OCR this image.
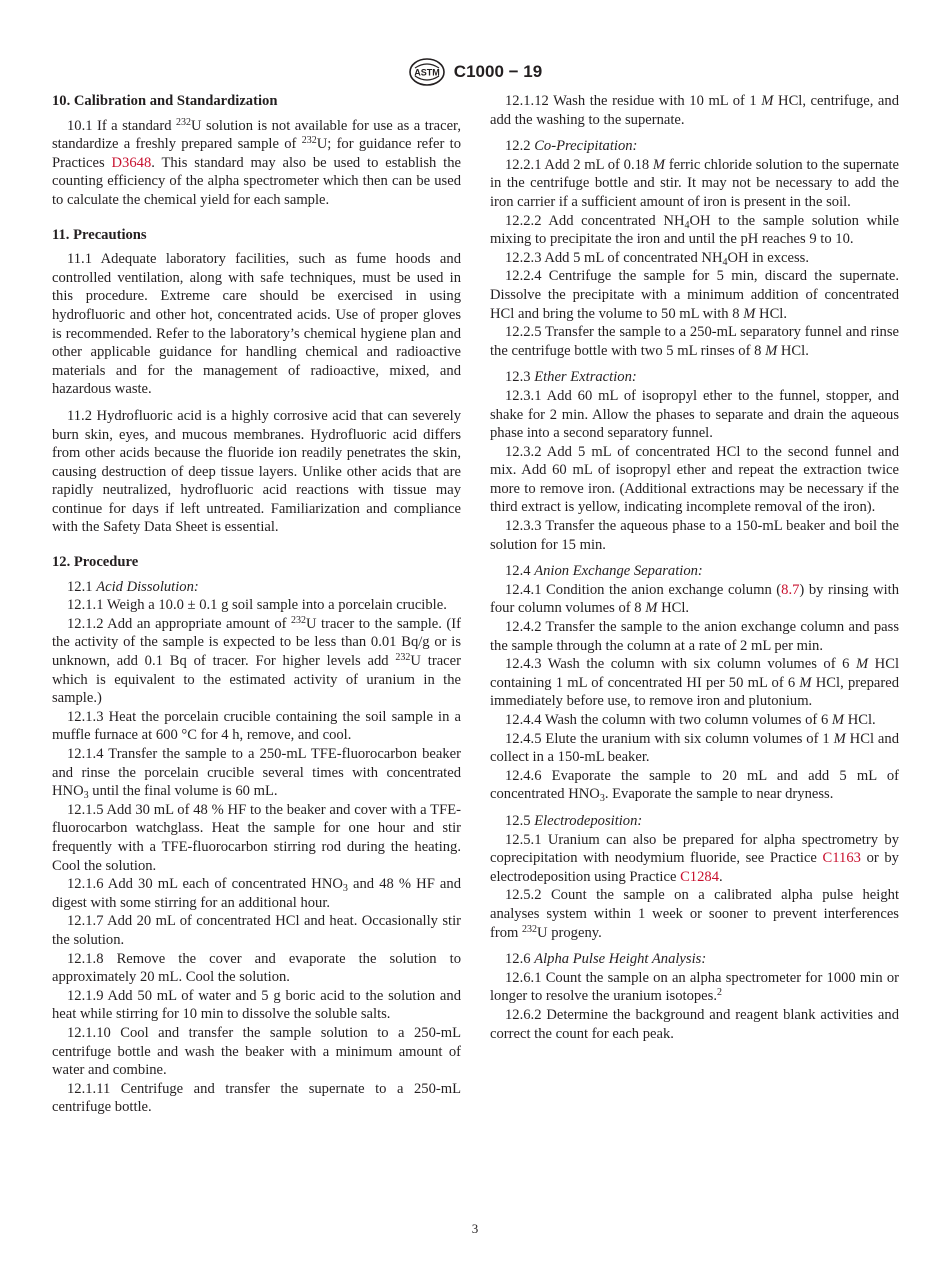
ASTM C1000 − 19
10. Calibration and Standardization

10.1 If a standard $^{232}$U solution is not available for use as a tracer, standardize a freshly prepared sample of $^{232}$U; for guidance refer to Practices D3648. This standard may also be used to establish the counting efficiency of the alpha spectrometer which then can be used to calculate the chemical yield for each sample.

11. Precautions

11.1 Adequate laboratory facilities, such as fume hoods and controlled ventilation, along with safe techniques, must be used in this procedure. Extreme care should be exercised in using hydrofluoric and other hot, concentrated acids. Use of proper gloves is recommended. Refer to the laboratory’s chemical hygiene plan and other applicable guidance for handling chemical and radioactive materials and for the management of radioactive, mixed, and hazardous waste.

11.2 Hydrofluoric acid is a highly corrosive acid that can severely burn skin, eyes, and mucous membranes. Hydrofluoric acid differs from other acids because the fluoride ion readily penetrates the skin, causing destruction of deep tissue layers. Unlike other acids that are rapidly neutralized, hydrofluoric acid reactions with tissue may continue for days if left untreated. Familiarization and compliance with the Safety Data Sheet is essential.

12. Procedure

12.1 Acid Dissolution:

12.1.1 Weigh a 10.0 ± 0.1 g soil sample into a porcelain crucible.

12.1.2 Add an appropriate amount of $^{232}$U tracer to the sample. (If the activity of the sample is expected to be less than 0.01 Bq/g or is unknown, add 0.1 Bq of tracer. For higher levels add $^{232}$U tracer which is equivalent to the estimated activity of uranium in the sample.)

12.1.3 Heat the porcelain crucible containing the soil sample in a muffle furnace at 600 °C for 4 h, remove, and cool.

12.1.4 Transfer the sample to a 250-mL TFE-fluorocarbon beaker and rinse the porcelain crucible several times with concentrated $HNO_3$ until the final volume is 60 mL.

12.1.5 Add 30 mL of 48 % HF to the beaker and cover with a TFE-fluorocarbon watchglass. Heat the sample for one hour and stir frequently with a TFE-fluorocarbon stirring rod during the heating. Cool the solution.

12.1.6 Add 30 mL each of concentrated $HNO_3$ and 48 % HF and digest with some stirring for an additional hour.

12.1.7 Add 20 mL of concentrated HCl and heat. Occasionally stir the solution.

12.1.8 Remove the cover and evaporate the solution to approximately 20 mL. Cool the solution.

12.1.9 Add 50 mL of water and 5 g boric acid to the solution and heat while stirring for 10 min to dissolve the soluble salts.

12.1.10 Cool and transfer the sample solution to a 250-mL centrifuge bottle and wash the beaker with a minimum amount of water and combine.

12.1.11 Centrifuge and transfer the supernate to a 250-mL centrifuge bottle.

12.1.12 Wash the residue with 10 mL of 1 M HCl, centrifuge, and add the washing to the supernate.

12.2 Co-Precipitation:

12.2.1 Add 2 mL of 0.18 M ferric chloride solution to the supernate in the centrifuge bottle and stir. It may not be necessary to add the iron carrier if a sufficient amount of iron is present in the soil.

12.2.2 Add concentrated $NH_4OH$ to the sample solution while mixing to precipitate the iron and until the pH reaches 9 to 10.

12.2.3 Add 5 mL of concentrated $NH_4OH$ in excess.

12.2.4 Centrifuge the sample for 5 min, discard the supernate. Dissolve the precipitate with a minimum addition of concentrated HCl and bring the volume to 50 mL with 8 M HCl.

12.2.5 Transfer the sample to a 250-mL separatory funnel and rinse the centrifuge bottle with two 5 mL rinses of 8 M HCl.

12.3 Ether Extraction:

12.3.1 Add 60 mL of isopropyl ether to the funnel, stopper, and shake for 2 min. Allow the phases to separate and drain the aqueous phase into a second separatory funnel.

12.3.2 Add 5 mL of concentrated HCl to the second funnel and mix. Add 60 mL of isopropyl ether and repeat the extraction twice more to remove iron. (Additional extractions may be necessary if the third extract is yellow, indicating incomplete removal of the iron).

12.3.3 Transfer the aqueous phase to a 150-mL beaker and boil the solution for 15 min.

12.4 Anion Exchange Separation:

12.4.1 Condition the anion exchange column (8.7) by rinsing with four column volumes of 8 M HCl.

12.4.2 Transfer the sample to the anion exchange column and pass the sample through the column at a rate of 2 mL per min.

12.4.3 Wash the column with six column volumes of 6 M HCl containing 1 mL of concentrated HI per 50 mL of 6 M HCl, prepared immediately before use, to remove iron and plutonium.

12.4.4 Wash the column with two column volumes of 6 M HCl.

12.4.5 Elute the uranium with six column volumes of 1 M HCl and collect in a 150-mL beaker.

12.4.6 Evaporate the sample to 20 mL and add 5 mL of concentrated $HNO_3$. Evaporate the sample to near dryness.

12.5 Electrodeposition:

12.5.1 Uranium can also be prepared for alpha spectrometry by coprecipitation with neodymium fluoride, see Practice C1163 or by electrodeposition using Practice C1284.

12.5.2 Count the sample on a calibrated alpha pulse height analyses system within 1 week or sooner to prevent interferences from $^{232}$U progeny.

12.6 Alpha Pulse Height Analysis:

12.6.1 Count the sample on an alpha spectrometer for 1000 min or longer to resolve the uranium isotopes.$^2$

12.6.2 Determine the background and reagent blank activities and correct the count for each peak.

3
